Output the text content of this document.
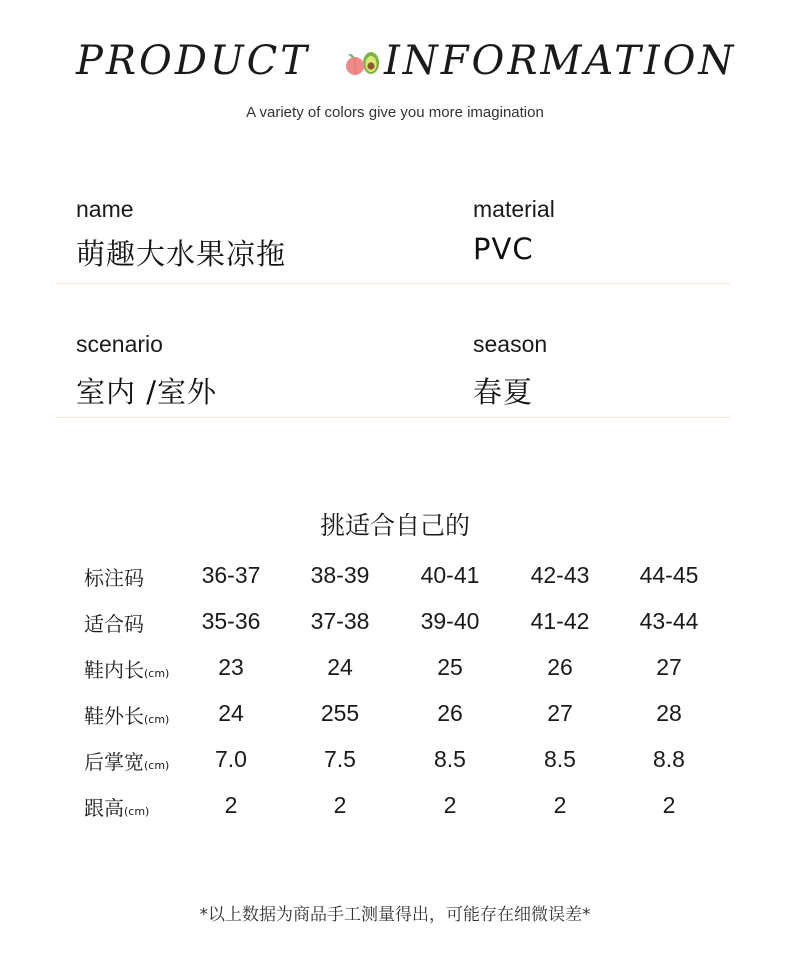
PRODUCT INFORMATION
A variety of colors give you more imagination
name
萌趣大水果凉拖
material
PVC
scenario
室内 /室外
season
春夏
挑适合自己的
标注码	36-37	38-39	40-41	42-43	44-45
适合码	35-36	37-38	39-40	41-42	43-44
鞋内长(cm)	23	24	25	26	27
鞋外长(cm)	24	255	26	27	28
后掌宽(cm)	7.0	7.5	8.5	8.5	8.8
跟高(cm)	2	2	2	2	2
*以上数据为商品手工测量得出，可能存在细微误差*
